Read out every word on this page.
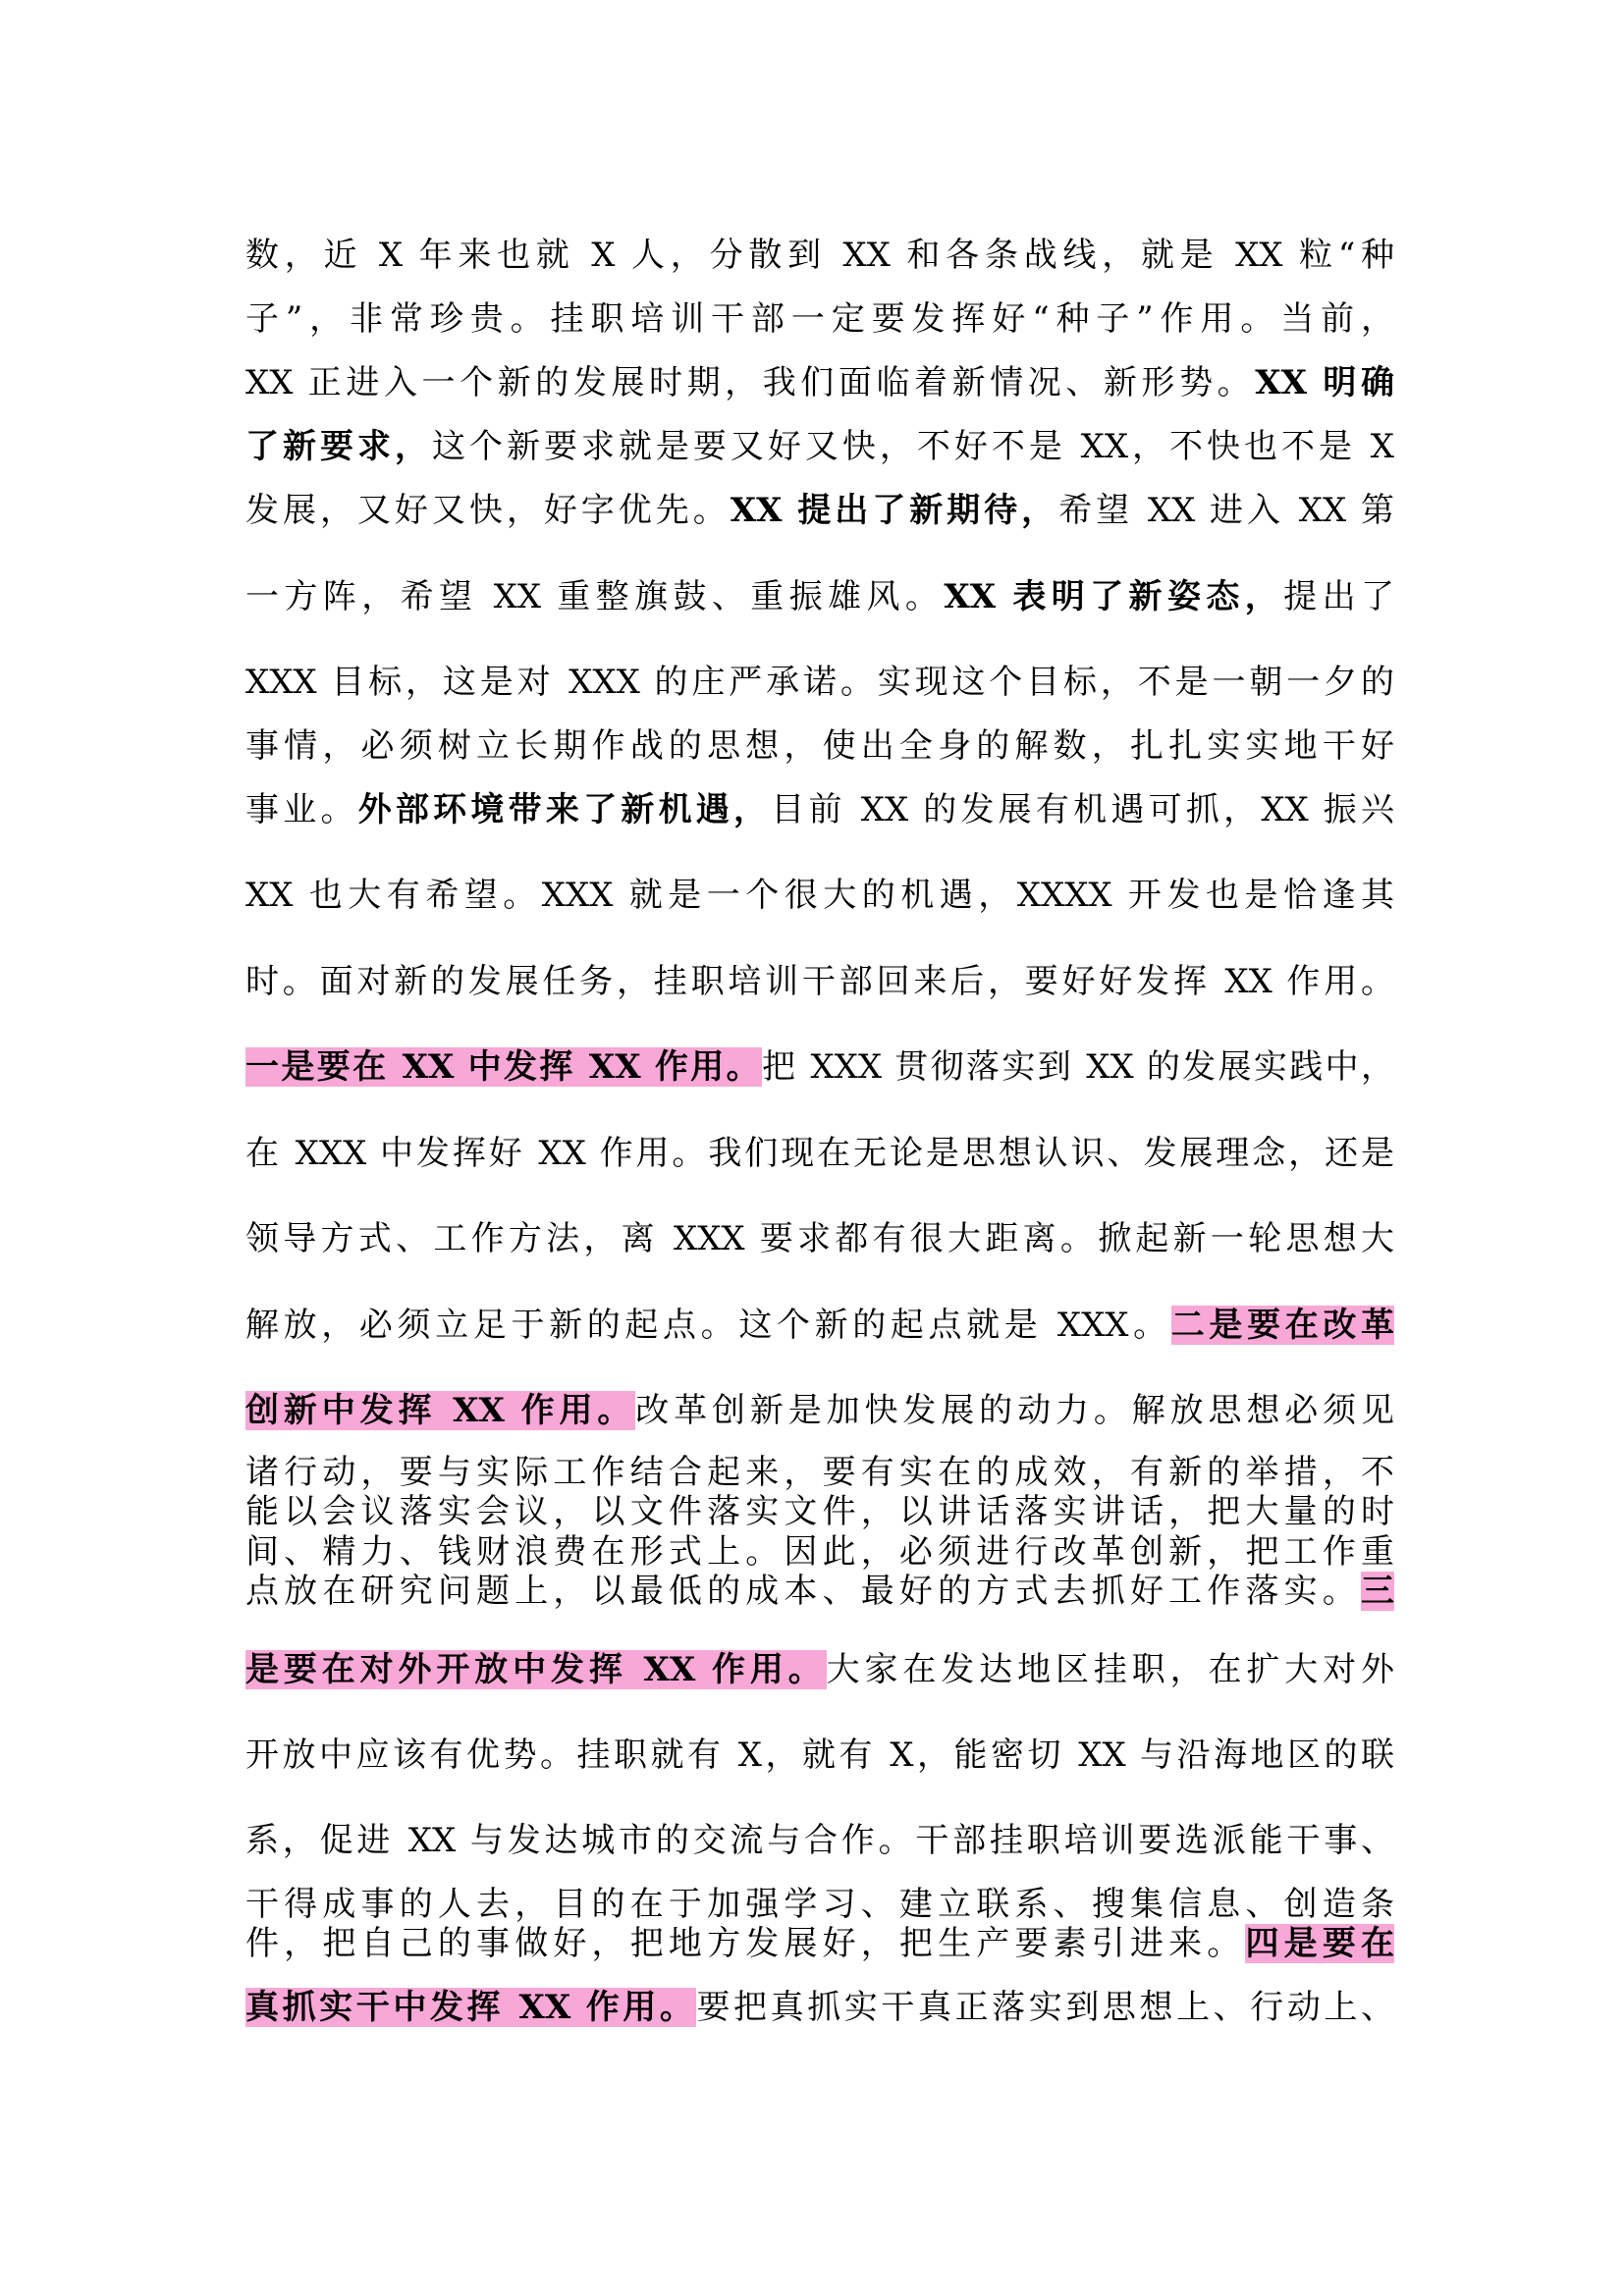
数，近 X 年来也就 X 人，分散到 XX 和各条战线，就是 XX 粒“种
子”，非常珍贵。挂职培训干部一定要发挥好“种子”作用。当前，
XX 正进入一个新的发展时期，我们面临着新情况、新形势。XX 明确
了新要求，这个新要求就是要又好又快，不好不是 XX，不快也不是 X
发展，又好又快，好字优先。XX 提出了新期待，希望 XX 进入 XX 第
一方阵，希望 XX 重整旗鼓、重振雄风。XX 表明了新姿态，提出了
XXX 目标，这是对 XXX 的庄严承诺。实现这个目标，不是一朝一夕的
事情，必须树立长期作战的思想，使出全身的解数，扎扎实实地干好
事业。外部环境带来了新机遇，目前 XX 的发展有机遇可抓，XX 振兴
XX 也大有希望。XXX 就是一个很大的机遇，XXXX 开发也是恰逢其
时。面对新的发展任务，挂职培训干部回来后，要好好发挥 XX 作用。
一是要在 XX 中发挥 XX 作用。把 XXX 贯彻落实到 XX 的发展实践中，
在 XXX 中发挥好 XX 作用。我们现在无论是思想认识、发展理念，还是
领导方式、工作方法，离 XXX 要求都有很大距离。掀起新一轮思想大
解放，必须立足于新的起点。这个新的起点就是 XXX。二是要在改革
创新中发挥 XX 作用。改革创新是加快发展的动力。解放思想必须见
诸行动，要与实际工作结合起来，要有实在的成效，有新的举措，不
能以会议落实会议，以文件落实文件，以讲话落实讲话，把大量的时
间、精力、钱财浪费在形式上。因此，必须进行改革创新，把工作重
点放在研究问题上，以最低的成本、最好的方式去抓好工作落实。三
是要在对外开放中发挥 XX 作用。大家在发达地区挂职，在扩大对外
开放中应该有优势。挂职就有 X，就有 X，能密切 XX 与沿海地区的联
系，促进 XX 与发达城市的交流与合作。干部挂职培训要选派能干事、
干得成事的人去，目的在于加强学习、建立联系、搜集信息、创造条
件，把自己的事做好，把地方发展好，把生产要素引进来。四是要在
真抓实干中发挥 XX 作用。要把真抓实干真正落实到思想上、行动上、
